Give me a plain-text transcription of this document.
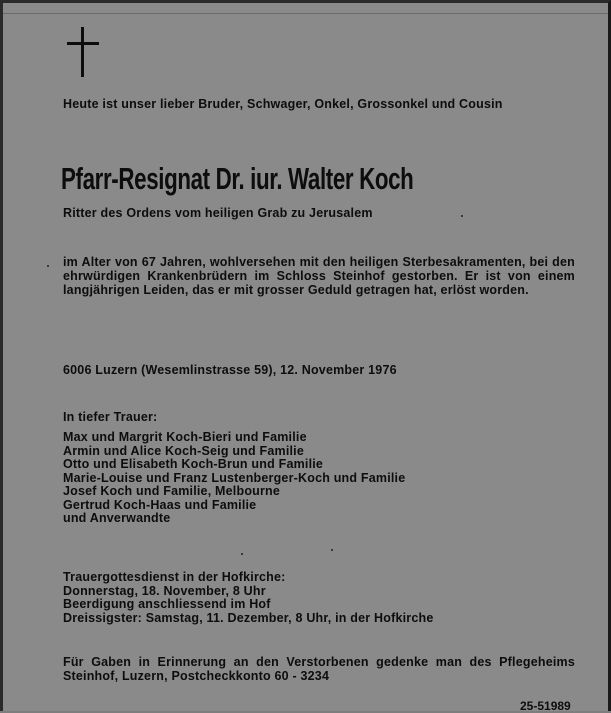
Heute ist unser lieber Bruder, Schwager, Onkel, Grossonkel und Cousin
Pfarr-Resignat Dr. iur. Walter Koch
Ritter des Ordens vom heiligen Grab zu Jerusalem
im Alter von 67 Jahren, wohlversehen mit den heiligen Sterbesakramenten, bei den ehrwürdigen Krankenbrüdern im Schloss Steinhof gestorben. Er ist von einem langjährigen Leiden, das er mit grosser Geduld getragen hat, erlöst worden.
6006 Luzern (Wesemlinstrasse 59), 12. November 1976
In tiefer Trauer:
Max und Margrit Koch-Bieri und Familie
Armin und Alice Koch-Seig und Familie
Otto und Elisabeth Koch-Brun und Familie
Marie-Louise und Franz Lustenberger-Koch und Familie
Josef Koch und Familie, Melbourne
Gertrud Koch-Haas und Familie
und Anverwandte
Trauergottesdienst in der Hofkirche:
Donnerstag, 18. November, 8 Uhr
Beerdigung anschliessend im Hof
Dreissigster: Samstag, 11. Dezember, 8 Uhr, in der Hofkirche
Für Gaben in Erinnerung an den Verstorbenen gedenke man des Pflegeheims Steinhof, Luzern, Postcheckkonto 60 - 3234
25-51989
